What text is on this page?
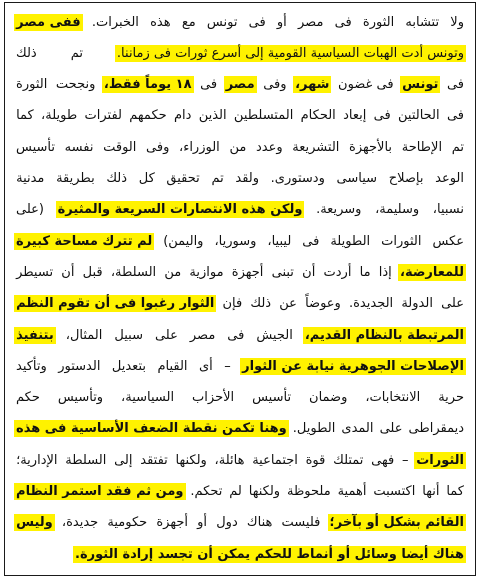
ولا
تتشابه
الثورة
فى
مصر
أو
فى
تونس
مع
هذه
الخبرات.
ففى مصر
وتونس أدت الهبات السياسية القومية إلى أسرع ثورات فى زماننا.
تم
ذلك
فى
تونس
فى غضون
شهر،
وفى
مصر
فى
١٨ يوماً فقط،
ونجحت
الثورة
فى
الحالتين
فى
إبعاد
الحكام
المتسلطين
الذين
دام
حكمهم
لفترات
طويلة،
كما
تم
الإطاحة
بالأجهزة
التشريعة
وعدد
من
الوزراء،
وفى
الوقت
نفسه
تأسيس
الوعد
بإصلاح
سياسى
ودستورى.
ولقد
تم
تحقيق
كل
ذلك
بطريقة
مدنية
نسبيا،
وسليمة،
وسريعة.
ولكن هذه الانتصارات السريعة والمثيرة
(على
عكس
الثورات
الطويلة
فى
ليبيا،
وسوريا،
واليمن)
لم تترك مساحة كبيرة
للمعارضة،
إذا
ما
أردت
أن
تبنى
أجهزة
موازية
من
السلطة،
قبل
أن
تسيطر
على
الدولة
الجديدة.
وعوضاً
عن
ذلك
فإن
الثوار رغبوا فى أن تقوم النظم
المرتبطة بالنظام القديم،
الجيش
فى
مصر
على
سبيل
المثال،
بتنفيذ
الإصلاحات الجوهرية نيابة عن الثوار
–
أى
القيام
بتعديل
الدستور
وتأكيد
حرية
الانتخابات،
وضمان
تأسيس
الأحزاب
السياسية،
وتأسيس
حكم
ديمقراطى
على
المدى
الطويل.
وهنا تكمن نقطة الضعف الأساسية فى هذه
الثورات
–
فهى
تمتلك
قوة
اجتماعية
هائلة،
ولكنها
تفتقد
إلى
السلطة
الإدارية؛
كما
أنها
اكتسبت
أهمية
ملحوظة
ولكنها
لم
تحكم.
ومن ثم فقد استمر النظام
القائم بشكل أو بآخر؛
فليست
هناك
دول
أو
أجهزة
حكومية
جديدة،
وليس
هناك أيضا وسائل أو أنماط للحكم يمكن أن تجسد إرادة الثورة.
